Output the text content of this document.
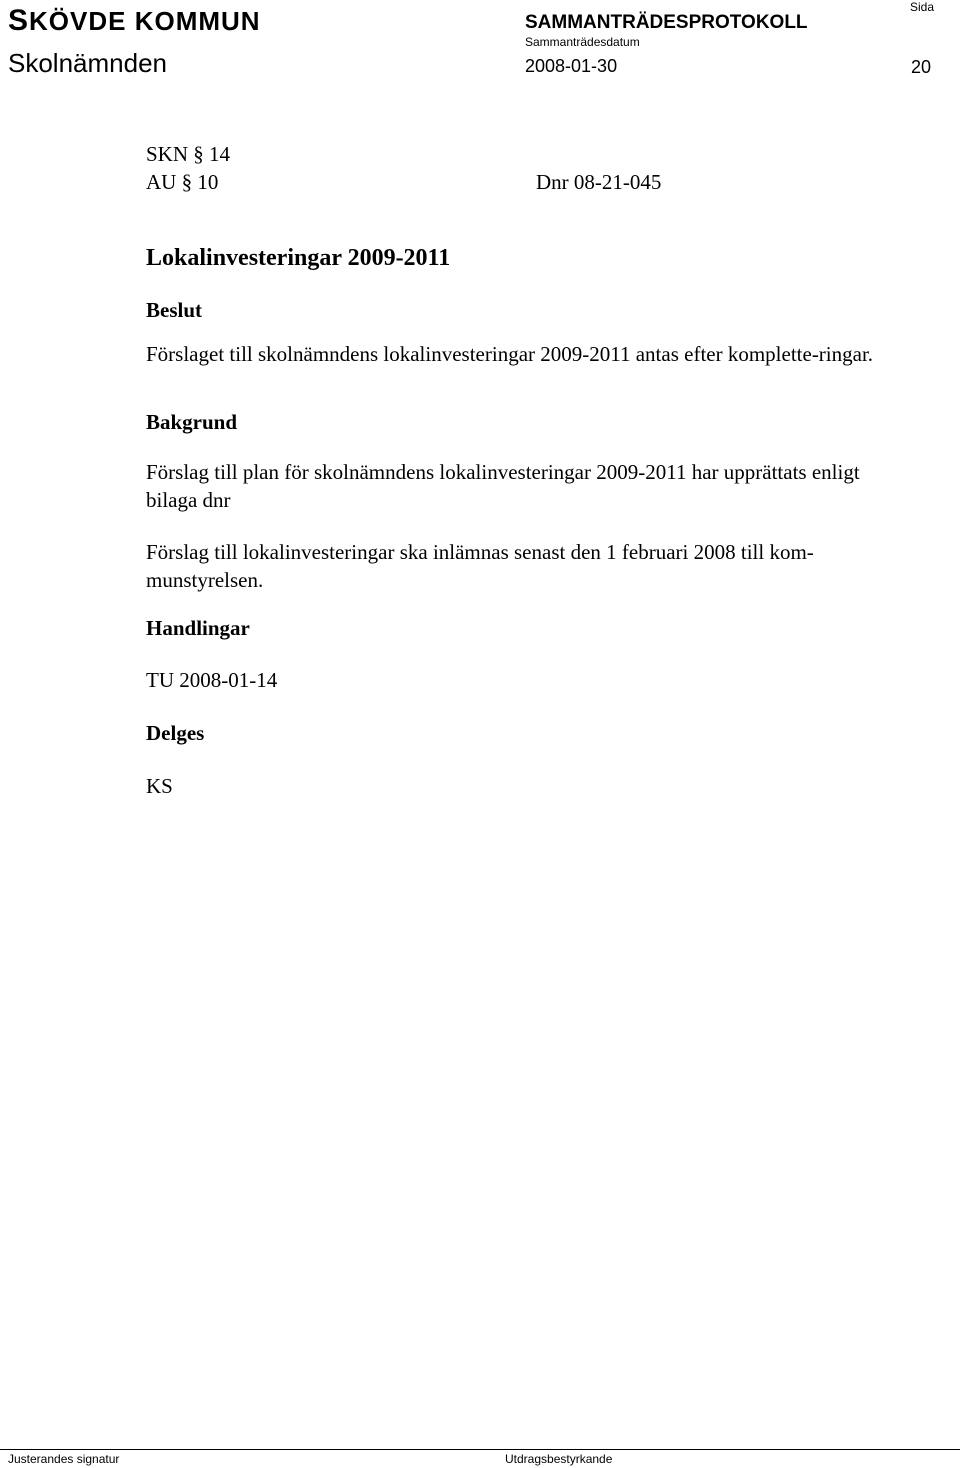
SKÖVDE KOMMUN
Skolnämnden
SAMMANTRÄDESPROTOKOLL
Sammanträdesdatum
2008-01-30
Sida
20
SKN § 14
AU § 10	Dnr 08-21-045
Lokalinvesteringar 2009-2011
Beslut

Förslaget till skolnämndens lokalinvesteringar 2009-2011 antas efter komplette-ringar.

Bakgrund

Förslag till plan för skolnämndens lokalinvesteringar 2009-2011 har upprättats enligt bilaga dnr

Förslag till lokalinvesteringar ska inlämnas senast den 1 februari 2008 till kom-munstyrelsen.

Handlingar

TU 2008-01-14

Delges

KS

Justerandes signatur	Utdragsbestyrkande
